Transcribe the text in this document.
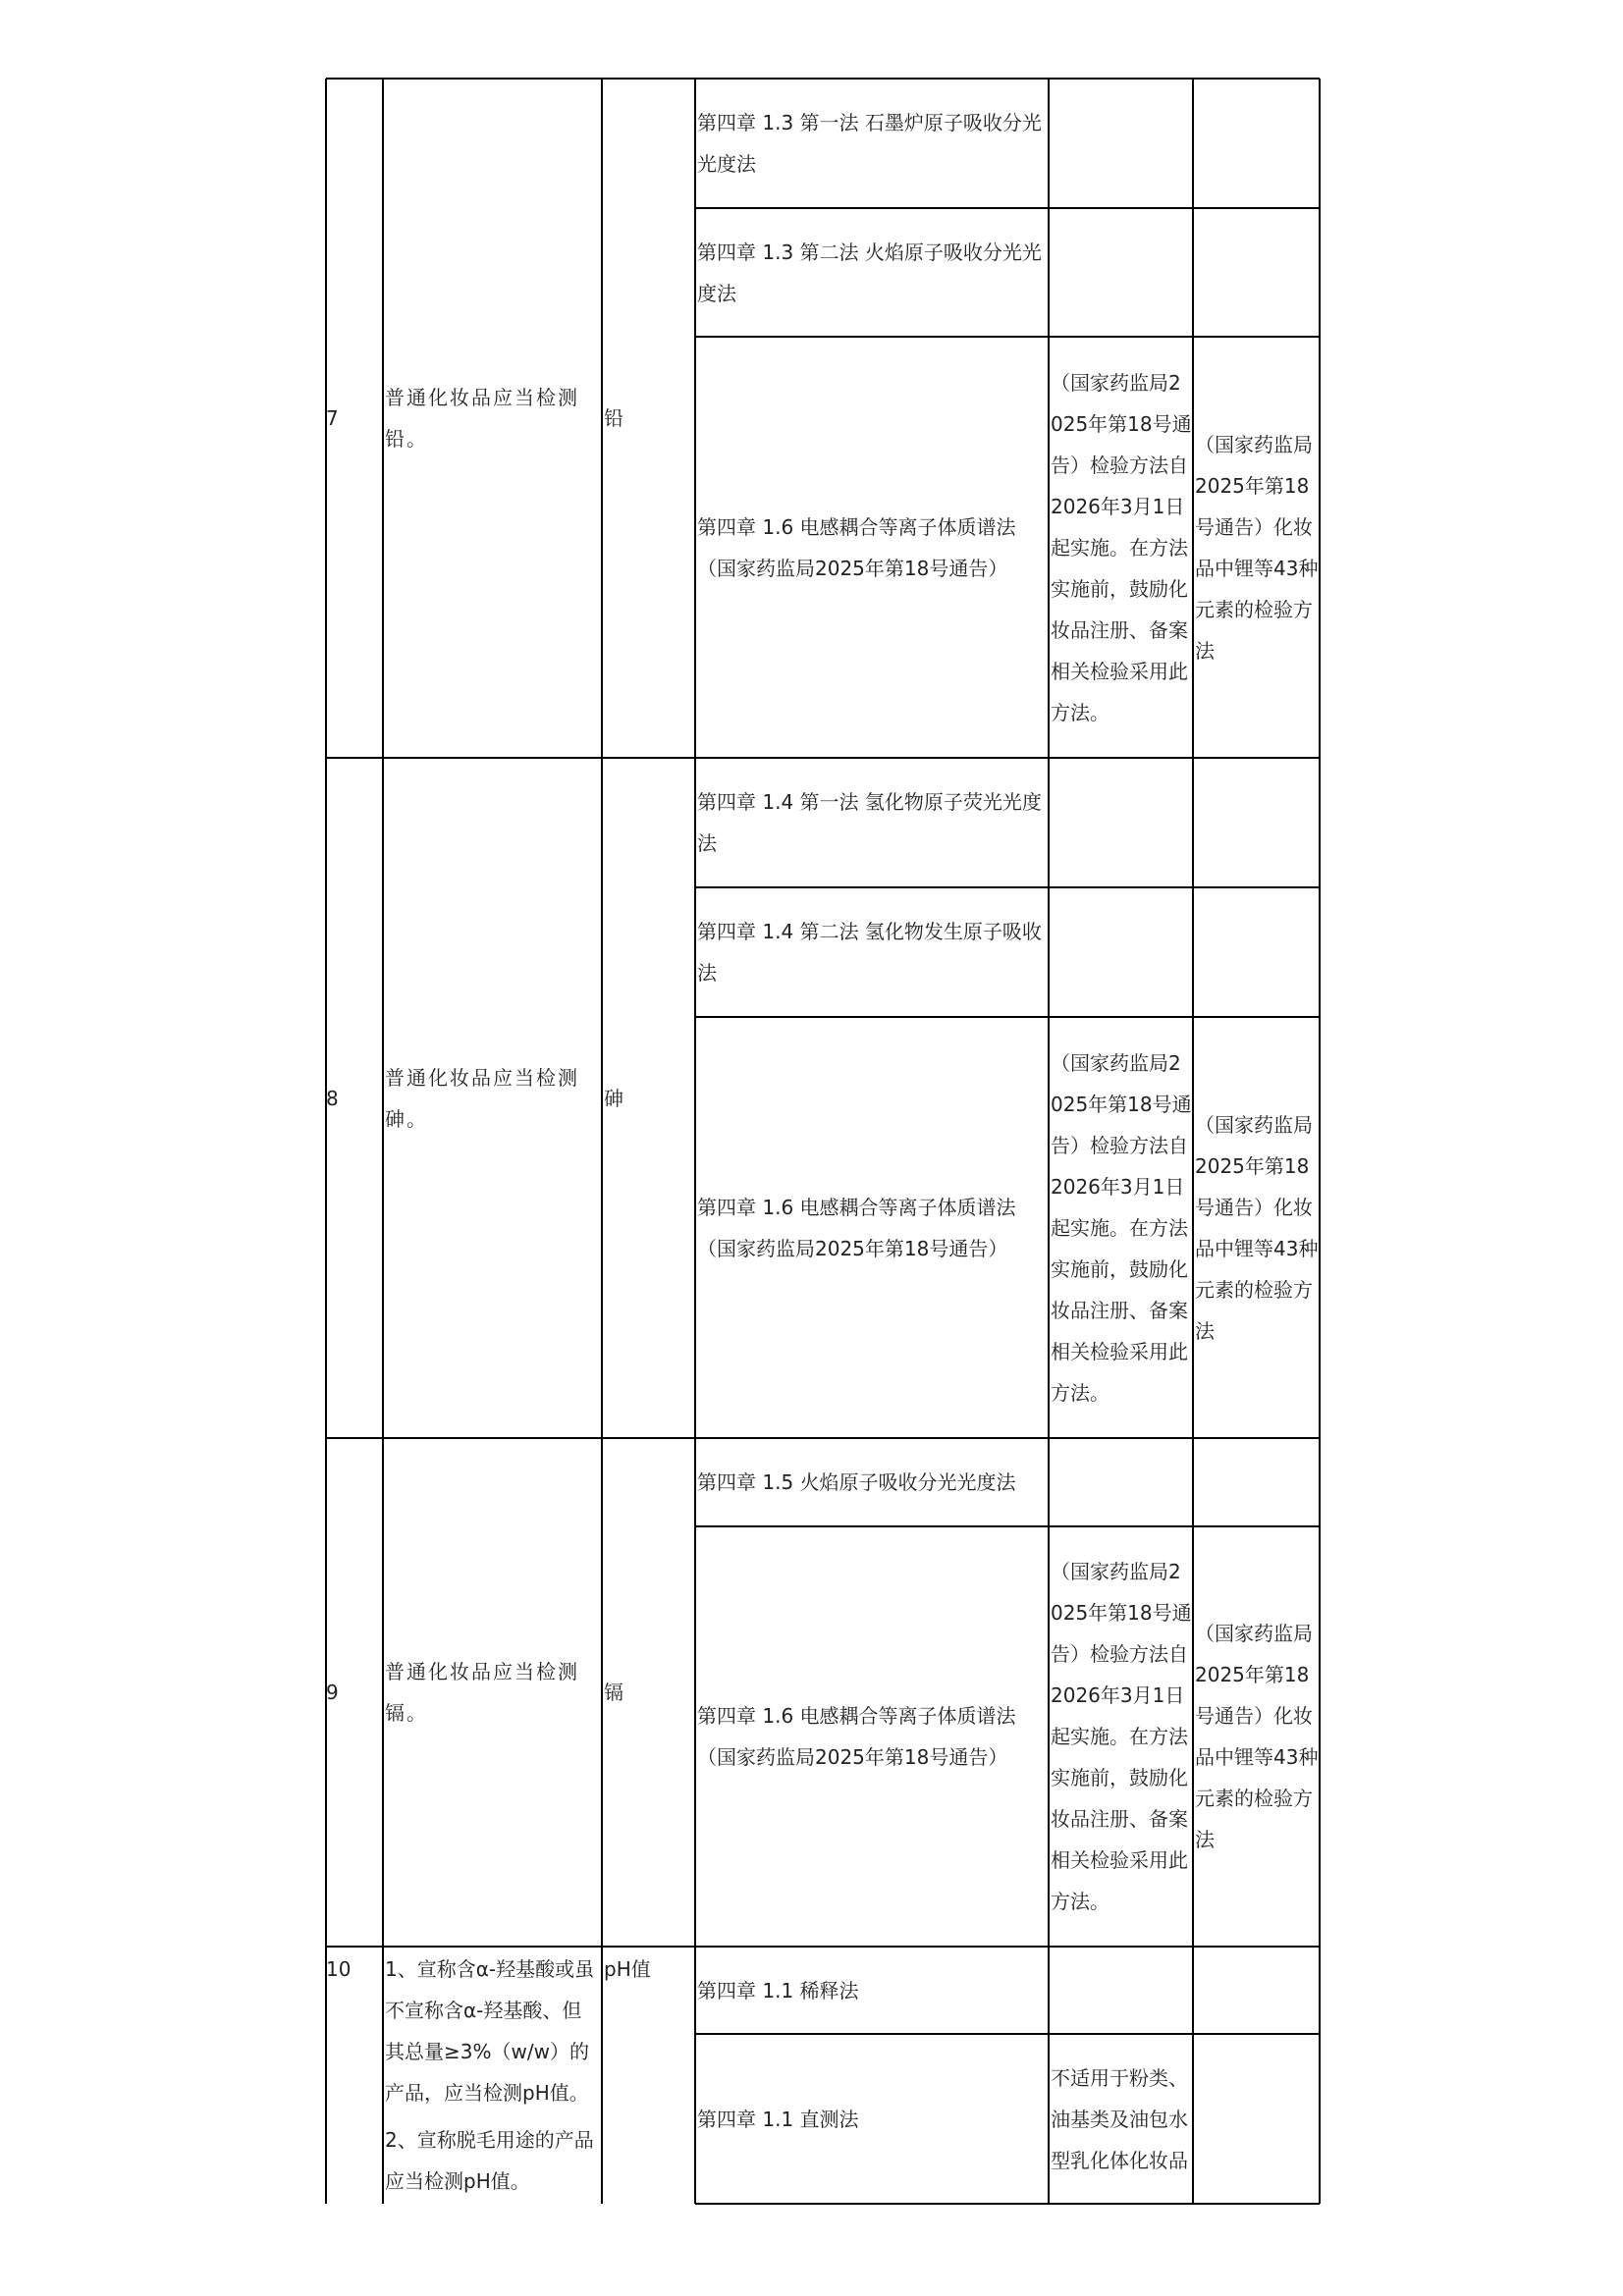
7
普通化妆品应当检测铅。
铅
第四章 1.3 第一法 石墨炉原子吸收分光光度法
第四章 1.3 第二法 火焰原子吸收分光光度法
第四章 1.6 电感耦合等离子体质谱法（国家药监局2025年第18号通告）
（国家药监局2025年第18号通告）检验方法自2026年3月1日起实施。在方法实施前，鼓励化妆品注册、备案相关检验采用此方法。
（国家药监局2025年第18号通告）化妆品中锂等43种元素的检验方法
8
普通化妆品应当检测砷。
砷
第四章 1.4 第一法 氢化物原子荧光光度法
第四章 1.4 第二法 氢化物发生原子吸收法
第四章 1.6 电感耦合等离子体质谱法（国家药监局2025年第18号通告）
（国家药监局2025年第18号通告）检验方法自2026年3月1日起实施。在方法实施前，鼓励化妆品注册、备案相关检验采用此方法。
（国家药监局2025年第18号通告）化妆品中锂等43种元素的检验方法
9
普通化妆品应当检测镉。
镉
第四章 1.5 火焰原子吸收分光光度法
第四章 1.6 电感耦合等离子体质谱法（国家药监局2025年第18号通告）
（国家药监局2025年第18号通告）检验方法自2026年3月1日起实施。在方法实施前，鼓励化妆品注册、备案相关检验采用此方法。
（国家药监局2025年第18号通告）化妆品中锂等43种元素的检验方法
10	1、宣称含α-羟基酸或虽不宣称含α-羟基酸、但其总量≥3%（w/w）的产品，应当检测pH值。

2、宣称脱毛用途的产品应当检测pH值。

pH值
第四章 1.1 稀释法
第四章 1.1 直测法
不适用于粉类、油基类及油包水型乳化体化妆品
